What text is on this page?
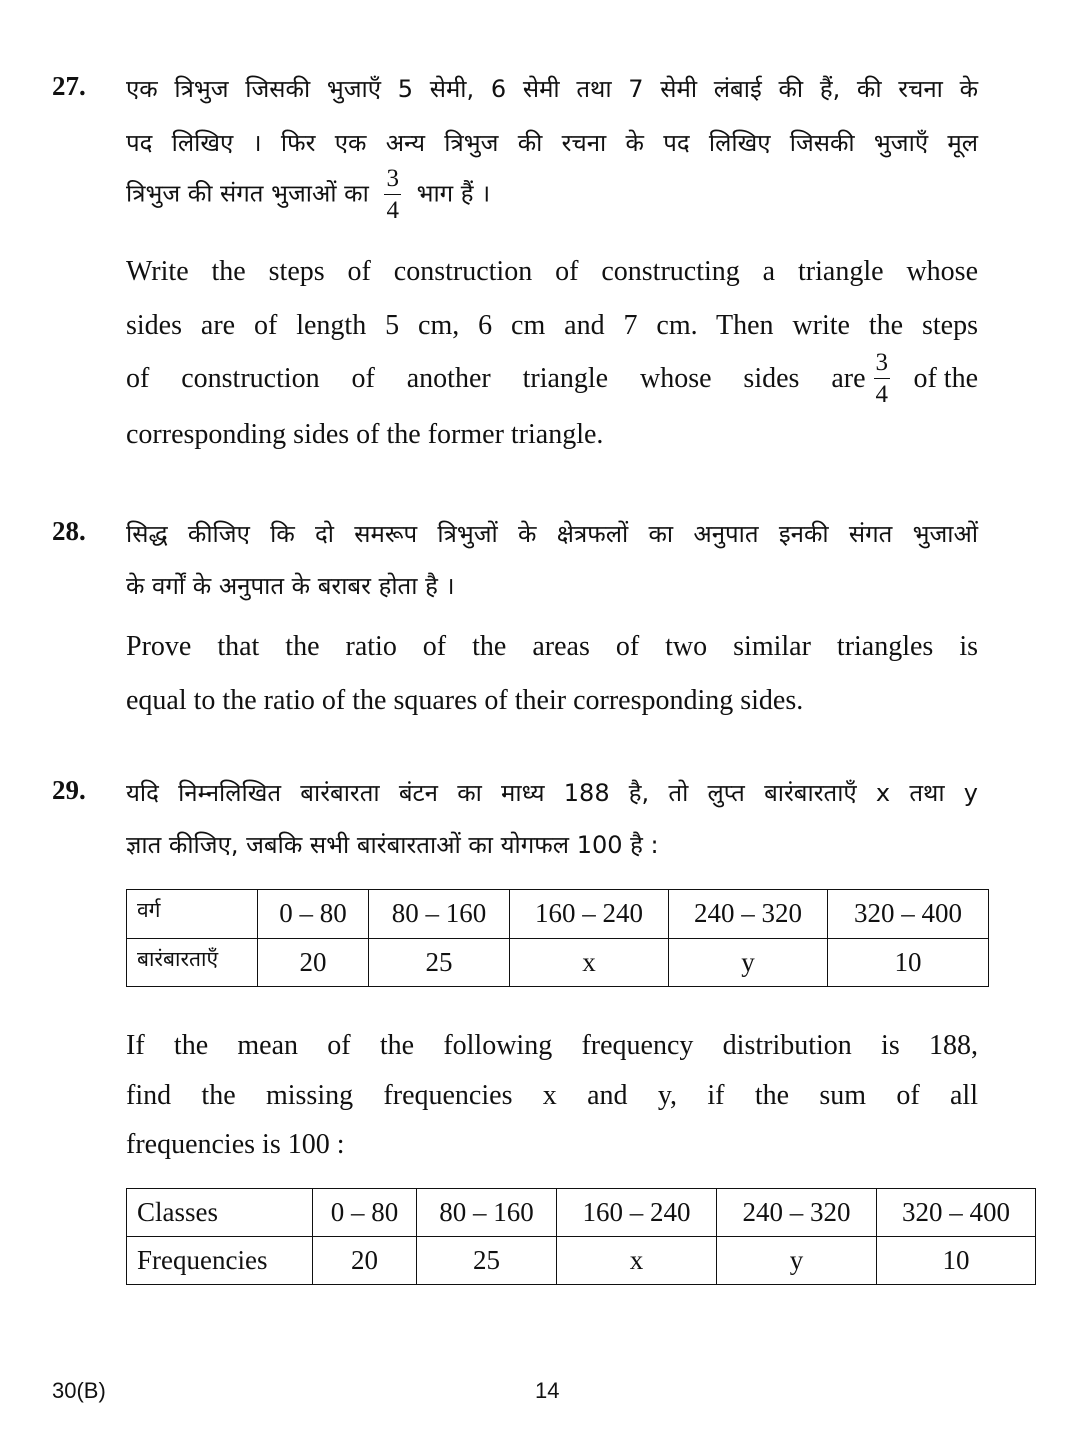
27. एक त्रिभुज जिसकी भुजाएँ 5 सेमी, 6 सेमी तथा 7 सेमी लंबाई की हैं, की रचना के
पद लिखिए । फिर एक अन्य त्रिभुज की रचना के पद लिखिए जिसकी भुजाएँ मूल
त्रिभुज की संगत भुजाओं का $\frac{3}{4}$ भाग हैं ।
Write the steps of construction of constructing a triangle whose
sides are of length 5 cm, 6 cm and 7 cm. Then write the steps
of construction of another triangle whose sides are $\frac{3}{4}$ of the
corresponding sides of the former triangle.
28. सिद्ध कीजिए कि दो समरूप त्रिभुजों के क्षेत्रफलों का अनुपात इनकी संगत भुजाओं
के वर्गों के अनुपात के बराबर होता है ।
Prove that the ratio of the areas of two similar triangles is
equal to the ratio of the squares of their corresponding sides.
29. यदि निम्नलिखित बारंबारता बंटन का माध्य 188 है, तो लुप्त बारंबारताएँ x तथा y
ज्ञात कीजिए, जबकि सभी बारंबारताओं का योगफल 100 है :
वर्ग	0 – 80	80 – 160	160 – 240	240 – 320	320 – 400
बारंबारताएँ	20	25	x	y	10
If the mean of the following frequency distribution is 188,
find the missing frequencies x and y, if the sum of all
frequencies is 100 :
Classes	0 – 80	80 – 160	160 – 240	240 – 320	320 – 400
Frequencies	20	25	x	y	10
30(B)	14
